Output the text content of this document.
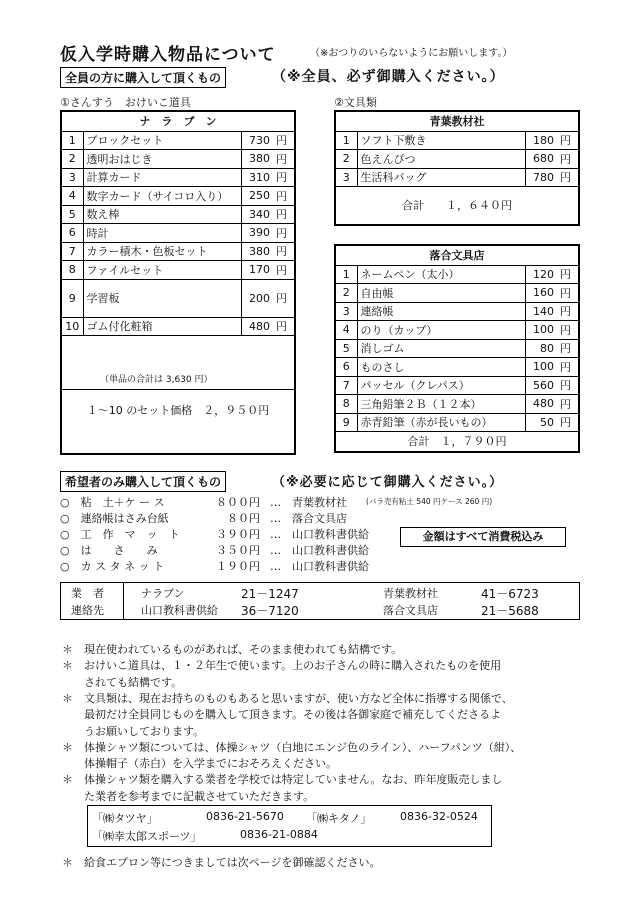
仮入学時購入物品について	（※おつりのいらないようにお願いします。）
全員の方に購入して頂くもの	（※全員、必ず御購入ください。）
①さんすう　おけいこ道具	②文具類
ナ　ラ　ブ　ン			
1	ブロックセット	730	円
2	透明おはじき	380	円
3	計算カード	310	円
4	数字カード（サイコロ入り）	250	円
5	数え棒	340	円
6	時計	390	円
7	カラー積木・色板セット	380	円
8	ファイルセット	170	円
9	学習板	200	円
10	ゴム付化粧箱	480	円
（単品の合計は 3,630 円）			
１～10 のセット価格　２，９５０円			
青葉教材社			
1	ソフト下敷き	180	円
2	色えんぴつ	680	円
3	生活科バッグ	780	円
合計　　１，６４０円			
落合文具店			
1	ネームペン（太小）	120	円
2	自由帳	160	円
3	連絡帳	140	円
4	のり（カップ）	100	円
5	消しゴム	80	円
6	ものさし	100	円
7	パッセル（クレパス）	560	円
8	三角鉛筆２Ｂ（１２本）	480	円
9	赤青鉛筆（赤が長いもの）	50	円
合計　１，７９０円			
希望者のみ購入して頂くもの	（※必要に応じて御購入ください。）
○　粘　土＋ケ ー ス	８００円 …　青葉教材社	(バラ売有粘土 540 円ケース 260 円)
○　連絡帳はさみ台紙	８０円 …　落合文具店
○　工　作　マ　ッ　ト	３９０円 …　山口教科書供給
○　は　　さ　　み	３５０円 …　山口教科書供給
○　カ ス タ ネ ッ ト	１９０円 …　山口教科書供給
金額はすべて消費税込み
業　者
連絡先
ナラブン	21－1247	青葉教材社	41－6723
山口教科書供給 36－7120	落合文具店	21－5688
＊　現在使われているものがあれば、そのまま使われても結構です。
＊　おけいこ道具は、１・２年生で使います。上のお子さんの時に購入されたものを使用
　　されても結構です。
＊　文具類は、現在お持ちのものもあると思いますが、使い方など全体に指導する関係で、
　　最初だけ全員同じものを購入して頂きます。その後は各御家庭で補充してくださるよ
　　うお願いしております。
＊　体操シャツ類については、体操シャツ（白地にエンジ色のライン）、ハーフパンツ（紺）、
　　体操帽子（赤白）を入学までにおそろえください。
＊　体操シャツ類を購入する業者を学校では特定していません。なお、昨年度販売しまし
　　た業者を参考までに記載させていただきます。
「㈱タツヤ」	0836-21-5670 「㈱キタノ」	0836-32-0524
「㈱幸太郎スポーツ」	0836-21-0884
＊　給食エプロン等につきましては次ページを御確認ください。
